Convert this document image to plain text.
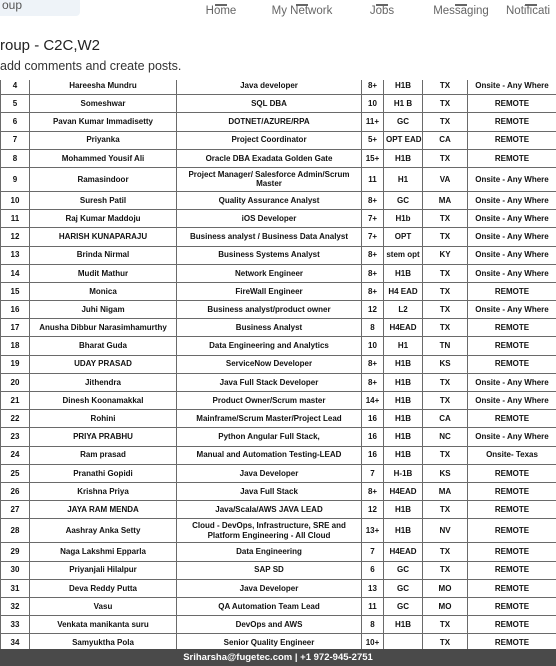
oup	Home	My Network	Jobs	Messaging	Notificati
roup - C2C,W2
add comments and create posts.
4	Hareesha Mundru	Java developer	8+	H1B	TX	Onsite - Any Where
5	Someshwar	SQL DBA	10	H1 B	TX	REMOTE
6	Pavan Kumar Immadisetty	DOTNET/AZURE/RPA	11+	GC	TX	REMOTE
7	Priyanka	Project Coordinator	5+	OPT EAD	CA	REMOTE
8	Mohammed Yousif Ali	Oracle DBA Exadata Golden Gate	15+	H1B	TX	REMOTE
9	Ramasindoor	Project Manager/ Salesforce Admin/Scrum Master	11	H1	VA	Onsite - Any Where
10	Suresh Patil	Quality Assurance Analyst	8+	GC	MA	Onsite - Any Where
11	Raj Kumar Maddoju	iOS Developer	7+	H1b	TX	Onsite - Any Where
12	HARISH KUNAPARAJU	Business analyst / Business Data Analyst	7+	OPT	TX	Onsite - Any Where
13	Brinda Nirmal	Business Systems Analyst	8+	stem opt	KY	Onsite - Any Where
14	Mudit Mathur	Network Engineer	8+	H1B	TX	Onsite - Any Where
15	Monica	FireWall Engineer	8+	H4 EAD	TX	REMOTE
16	Juhi Nigam	Business analyst/product owner	12	L2	TX	Onsite - Any Where
17	Anusha Dibbur Narasimhamurthy	Business Analyst	8	H4EAD	TX	REMOTE
18	Bharat Guda	Data Engineering and Analytics	10	H1	TN	REMOTE
19	UDAY PRASAD	ServiceNow Developer	8+	H1B	KS	REMOTE
20	Jithendra	Java Full Stack Developer	8+	H1B	TX	Onsite - Any Where
21	Dinesh Koonamakkal	Product Owner/Scrum master	14+	H1B	TX	Onsite - Any Where
22	Rohini	Mainframe/Scrum Master/Project Lead	16	H1B	CA	REMOTE
23	PRIYA PRABHU	Python Angular Full Stack,	16	H1B	NC	Onsite - Any Where
24	Ram prasad	Manual and Automation Testing-LEAD	16	H1B	TX	Onsite- Texas
25	Pranathi Gopidi	Java Developer	7	H-1B	KS	REMOTE
26	Krishna Priya	Java Full Stack	8+	H4EAD	MA	REMOTE
27	JAYA RAM MENDA	Java/Scala/AWS JAVA LEAD	12	H1B	TX	REMOTE
28	Aashray Anka Setty	Cloud - DevOps, Infrastructure, SRE and Platform Engineering - All Cloud	13+	H1B	NV	REMOTE
29	Naga Lakshmi Epparla	Data Engineering	7	H4EAD	TX	REMOTE
30	Priyanjali Hilalpur	SAP SD	6	GC	TX	REMOTE
31	Deva Reddy Putta	Java Developer	13	GC	MO	REMOTE
32	Vasu	QA Automation Team Lead	11	GC	MO	REMOTE
33	Venkata manikanta suru	DevOps and AWS	8	H1B	TX	REMOTE
34	Samyuktha Pola	Senior Quality Engineer	10+		TX	REMOTE
Sriharsha@fugetec.com | +1 972-945-2751
